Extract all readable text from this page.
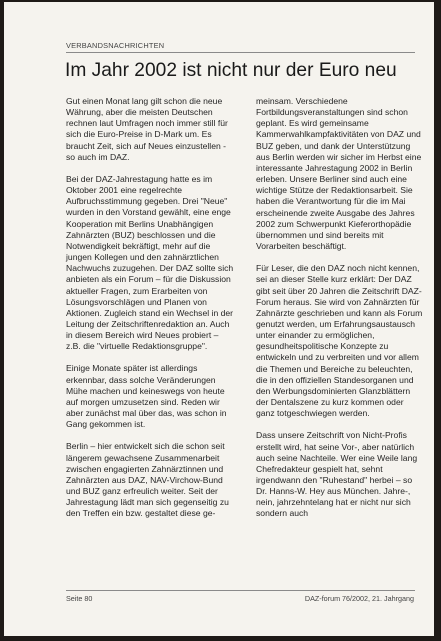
VERBANDSNACHRICHTEN
Im Jahr 2002 ist nicht nur der Euro neu

Gut einen Monat lang gilt schon die neue Währung, aber die meisten Deutschen rechnen laut Umfragen noch immer still für sich die Euro-Preise in D-Mark um. Es braucht Zeit, sich auf Neues einzustellen - so auch im DAZ.

Bei der DAZ-Jahrestagung hatte es im Oktober 2001 eine regelrechte Aufbruchsstimmung gegeben. Drei "Neue" wurden in den Vorstand gewählt, eine enge Kooperation mit Berlins Unabhängigen Zahnärzten (BUZ) beschlossen und die Notwendigkeit bekräftigt, mehr auf die jungen Kollegen und den zahnärztlichen Nachwuchs zuzugehen. Der DAZ sollte sich anbieten als ein Forum – für die Diskussion aktueller Fragen, zum Erarbeiten von Lösungsvorschlägen und Planen von Aktionen. Zugleich stand ein Wechsel in der Leitung der Zeitschriftenredaktion an. Auch in diesem Bereich wird Neues probiert – z.B. die "virtuelle Redaktionsgruppe".

Einige Monate später ist allerdings erkennbar, dass solche Veränderungen Mühe machen und keineswegs von heute auf morgen umzusetzen sind. Reden wir aber zunächst mal über das, was schon in Gang gekommen ist.

Berlin – hier entwickelt sich die schon seit längerem gewachsene Zusammenarbeit zwischen engagierten Zahnärztinnen und Zahnärzten aus DAZ, NAV-Virchow-Bund und BUZ ganz erfreulich weiter. Seit der Jahrestagung lädt man sich gegenseitig zu den Treffen ein bzw. gestaltet diese ge-

meinsam. Verschiedene Fortbildungsveranstaltungen sind schon geplant. Es wird gemeinsame Kammerwahlkampfaktivitäten von DAZ und BUZ geben, und dank der Unterstützung aus Berlin werden wir sicher im Herbst eine interessante Jahrestagung 2002 in Berlin erleben. Unsere Berliner sind auch eine wichtige Stütze der Redaktionsarbeit. Sie haben die Verantwortung für die im Mai erscheinende zweite Ausgabe des Jahres 2002 zum Schwerpunkt Kieferorthopädie übernommen und sind bereits mit Vorarbeiten beschäftigt.

Für Leser, die den DAZ noch nicht kennen, sei an dieser Stelle kurz erklärt: Der DAZ gibt seit über 20 Jahren die Zeitschrift DAZ-Forum heraus. Sie wird von Zahnärzten für Zahnärzte geschrieben und kann als Forum genutzt werden, um Erfahrungsaustausch unter einander zu ermöglichen, gesundheitspolitische Konzepte zu entwickeln und zu verbreiten und vor allem die Themen und Bereiche zu beleuchten, die in den offiziellen Standesorganen und den Werbungsdominierten Glanzblättern der Dentalszene zu kurz kommen oder ganz totgeschwiegen werden.

Dass unsere Zeitschrift von Nicht-Profis erstellt wird, hat seine Vor-, aber natürlich auch seine Nachteile. Wer eine Weile lang Chefredakteur gespielt hat, sehnt irgendwann den "Ruhestand" herbei – so Dr. Hanns-W. Hey aus München. Jahre-, nein, jahrzehntelang hat er nicht nur sich sondern auch

Seite 80	DAZ-forum 76/2002, 21. Jahrgang
